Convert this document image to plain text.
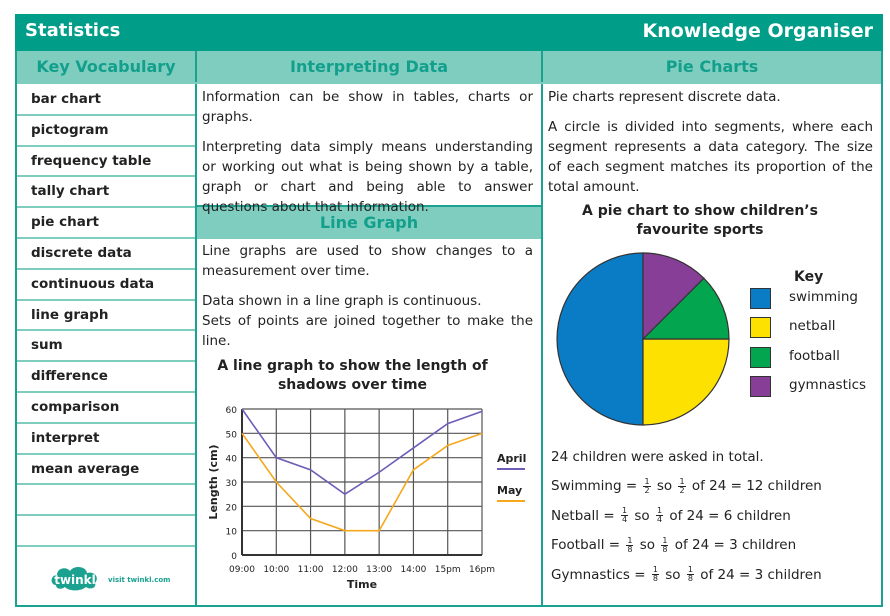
Statistics	Knowledge Organiser
Key Vocabulary	Interpreting Data	Pie Charts
Line Graph
bar chart
pictogram
frequency table
tally chart
pie chart
discrete data
continuous data
line graph
sum
difference
comparison
interpret
mean average
twinkl visit twinkl.com

Information can be show in tables, charts or graphs.

Interpreting data simply means understanding or working out what is being shown by a table, graph or chart and being able to answer questions about that information.

Line graphs are used to show changes to a measurement over time.

Data shown in a line graph is continuous.

Sets of points are joined together to make the line.

A line graph to show the length of
shadows over time
0
10
20
30
40
50
60
09:00 10:00 11:00 12:00 13:00 14:00 15pm 16pm
April
May
Time
Length (cm)

Pie charts represent discrete data.

A circle is divided into segments, where each segment represents a data category. The size of each segment matches its proportion of the total amount.

A pie chart to show children’s
favourite sports
Key
swimming
netball
football
gymnastics
24 children were asked in total.
Swimming = $\frac{1}{2}$ so $\frac{1}{2}$ of 24 = 12 children
Netball = $\frac{1}{4}$ so $\frac{1}{4}$ of 24 = 6 children
Football = $\frac{1}{8}$ so $\frac{1}{8}$ of 24 = 3 children
Gymnastics = $\frac{1}{8}$ so $\frac{1}{8}$ of 24 = 3 children
